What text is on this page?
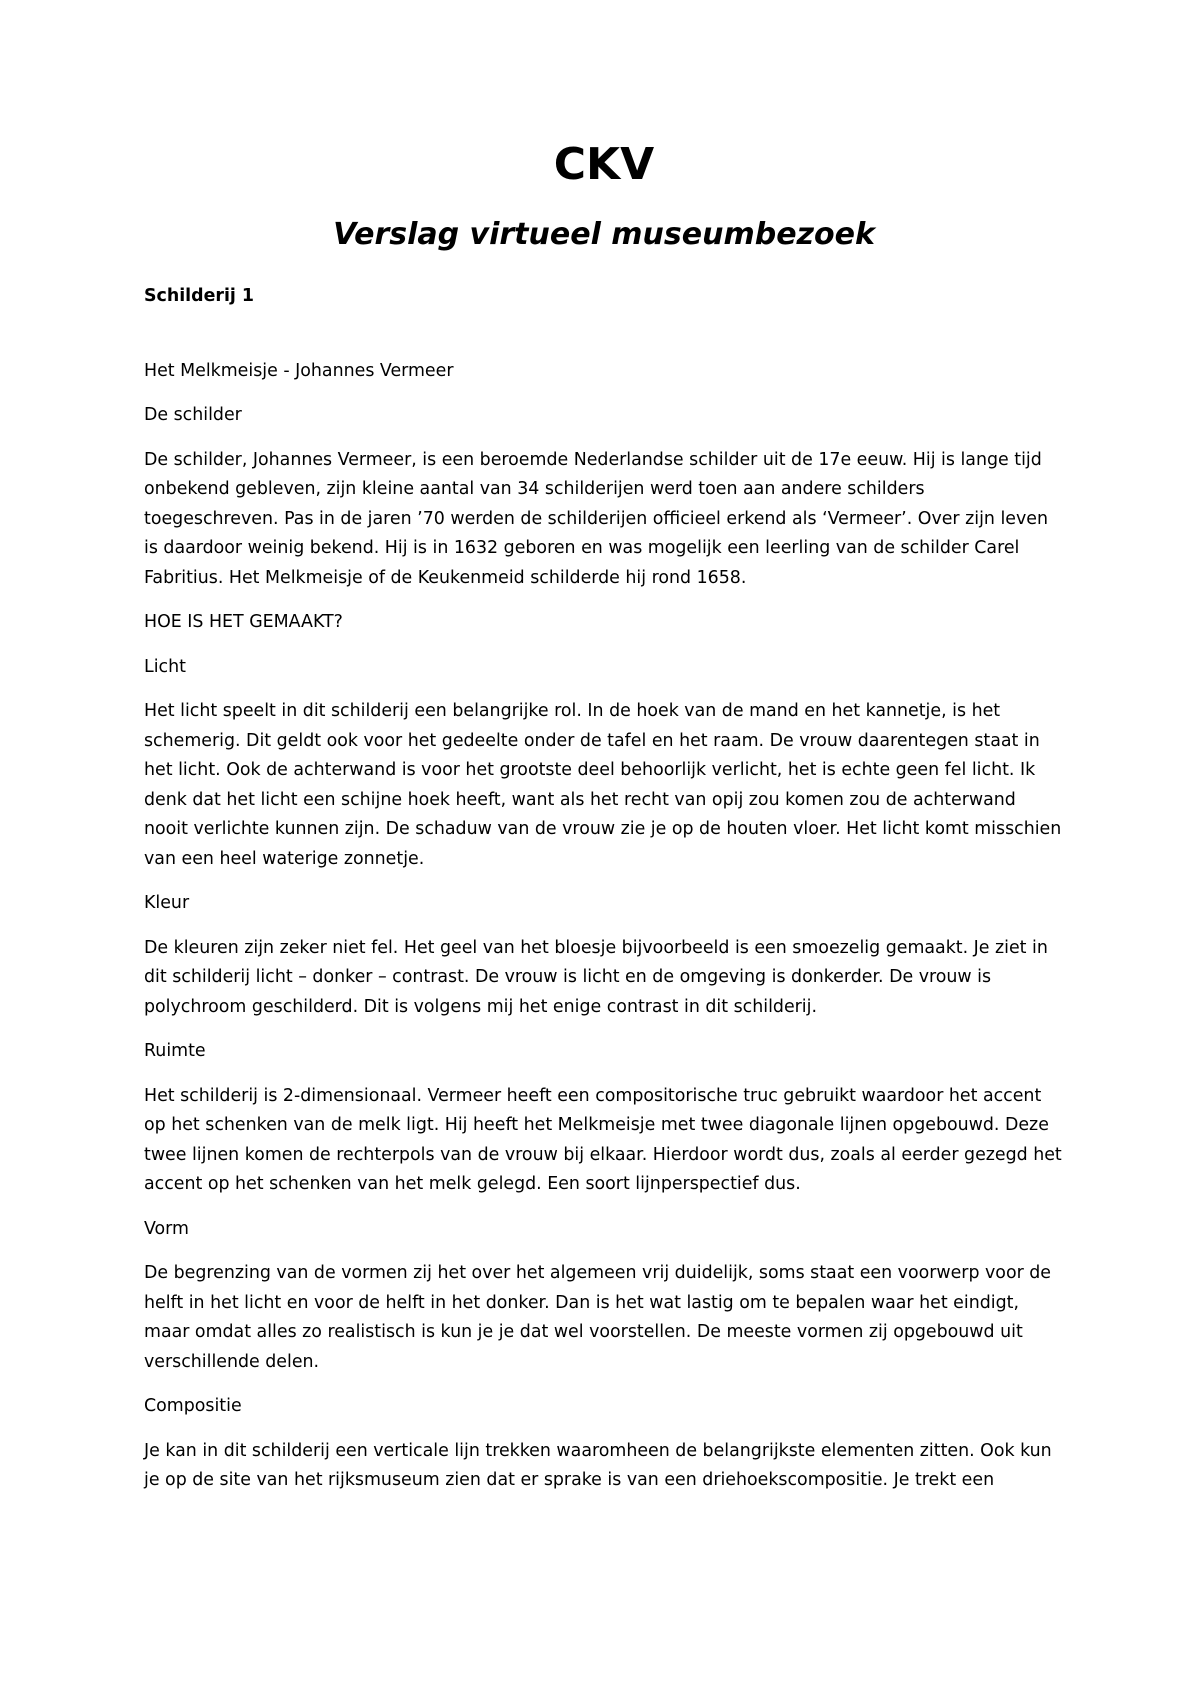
CKV
Verslag virtueel museumbezoek

Schilderij 1

Het Melkmeisje - Johannes Vermeer

De schilder

De schilder, Johannes Vermeer, is een beroemde Nederlandse schilder uit de 17e eeuw. Hij is lange tijd onbekend gebleven, zijn kleine aantal van 34 schilderijen werd toen aan andere schilders toegeschreven. Pas in de jaren ’70 werden de schilderijen officieel erkend als ‘Vermeer’. Over zijn leven is daardoor weinig bekend. Hij is in 1632 geboren en was mogelijk een leerling van de schilder Carel Fabritius. Het Melkmeisje of de Keukenmeid schilderde hij rond 1658.

HOE IS HET GEMAAKT?

Licht

Het licht speelt in dit schilderij een belangrijke rol. In de hoek van de mand en het kannetje, is het schemerig. Dit geldt ook voor het gedeelte onder de tafel en het raam. De vrouw daarentegen staat in het licht. Ook de achterwand is voor het grootste deel behoorlijk verlicht, het is echte geen fel licht. Ik denk dat het licht een schijne hoek heeft, want als het recht van opij zou komen zou de achterwand nooit verlichte kunnen zijn. De schaduw van de vrouw zie je op de houten vloer. Het licht komt misschien van een heel waterige zonnetje.

Kleur

De kleuren zijn zeker niet fel. Het geel van het bloesje bijvoorbeeld is een smoezelig gemaakt. Je ziet in dit schilderij licht – donker – contrast. De vrouw is licht en de omgeving is donkerder. De vrouw is polychroom geschilderd. Dit is volgens mij het enige contrast in dit schilderij.

Ruimte

Het schilderij is 2-dimensionaal. Vermeer heeft een compositorische truc gebruikt waardoor het accent op het schenken van de melk ligt. Hij heeft het Melkmeisje met twee diagonale lijnen opgebouwd. Deze twee lijnen komen de rechterpols van de vrouw bij elkaar. Hierdoor wordt dus, zoals al eerder gezegd het accent op het schenken van het melk gelegd. Een soort lijnperspectief dus.

Vorm

De begrenzing van de vormen zij het over het algemeen vrij duidelijk, soms staat een voorwerp voor de helft in het licht en voor de helft in het donker. Dan is het wat lastig om te bepalen waar het eindigt, maar omdat alles zo realistisch is kun je je dat wel voorstellen. De meeste vormen zij opgebouwd uit verschillende delen.

Compositie

Je kan in dit schilderij een verticale lijn trekken waaromheen de belangrijkste elementen zitten. Ook kun je op de site van het rijksmuseum zien dat er sprake is van een driehoekscompositie. Je trekt een
